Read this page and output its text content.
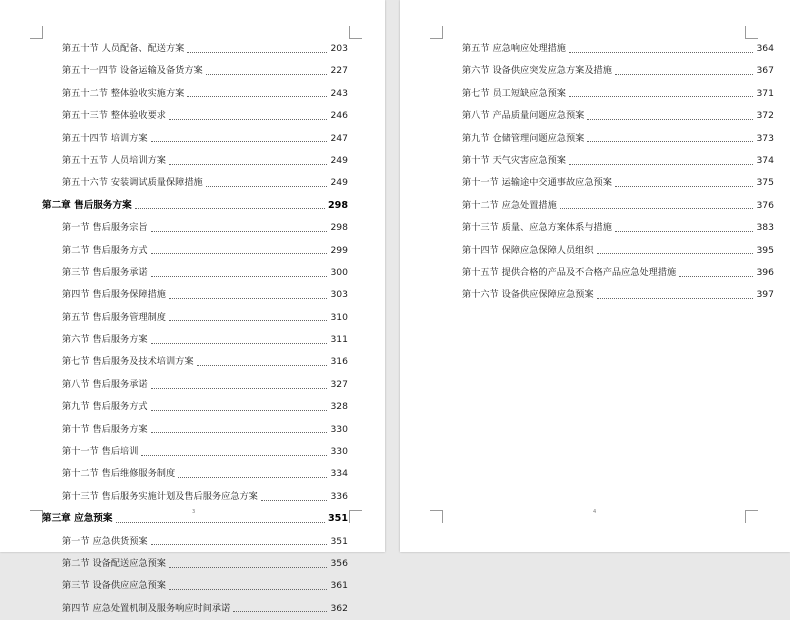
第五十节 人员配备、配送方案	203
第五十一四节 设备运输及备货方案	227
第五十二节 整体验收实施方案	243
第五十三节 整体验收要求	246
第五十四节 培训方案	247
第五十五节 人员培训方案	249
第五十六节 安装调试质量保障措施	249
第二章 售后服务方案	298
第一节 售后服务宗旨	298
第二节 售后服务方式	299
第三节 售后服务承诺	300
第四节 售后服务保障措施	303
第五节 售后服务管理制度	310
第六节 售后服务方案	311
第七节 售后服务及技术培训方案	316
第八节 售后服务承诺	327
第九节 售后服务方式	328
第十节 售后服务方案	330
第十一节 售后培训	330
第十二节 售后维修服务制度	334
第十三节 售后服务实施计划及售后服务应急方案	336
第三章 应急预案	351
第一节 应急供货预案	351
第二节 设备配送应急预案	356
第三节 设备供应应急预案	361
第四节 应急处置机制及服务响应时间承诺	362
3
第五节 应急响应处理措施	364
第六节 设备供应突发应急方案及措施	367
第七节 员工短缺应急预案	371
第八节 产品质量问题应急预案	372
第九节 仓储管理问题应急预案	373
第十节 天气灾害应急预案	374
第十一节 运输途中交通事故应急预案	375
第十二节 应急处置措施	376
第十三节 质量、应急方案体系与措施	383
第十四节 保障应急保障人员组织	395
第十五节 提供合格的产品及不合格产品应急处理措施	396
第十六节 设备供应保障应急预案	397
4
